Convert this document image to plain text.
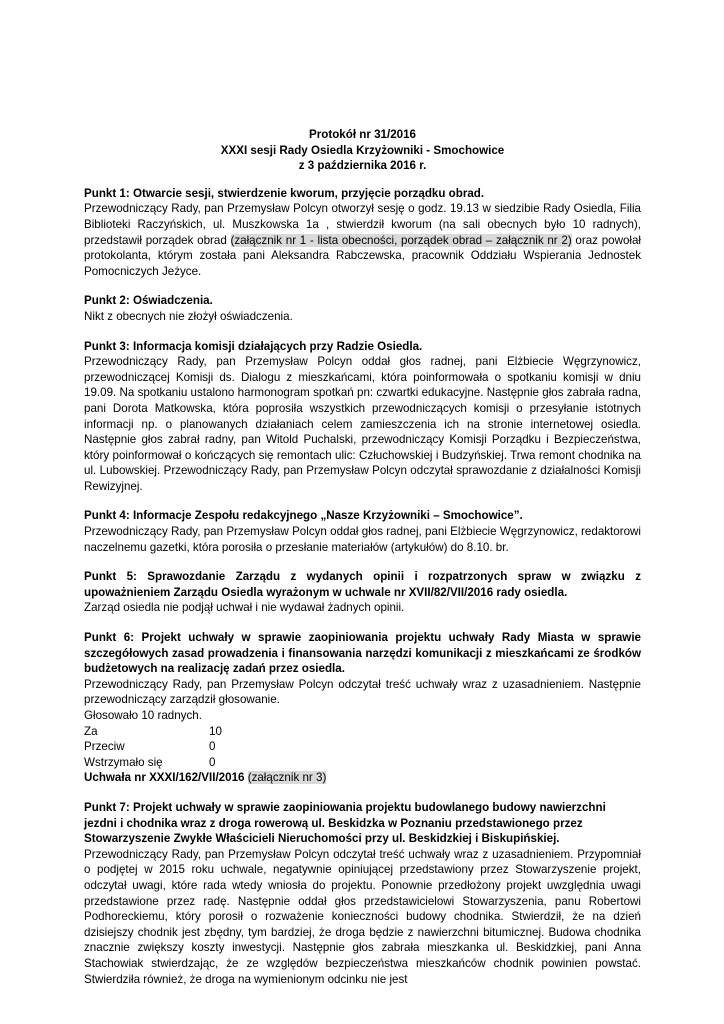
Protokół nr 31/2016
XXXI sesji Rady Osiedla Krzyżowniki - Smochowice
z 3 października 2016 r.
Punkt 1: Otwarcie sesji, stwierdzenie kworum, przyjęcie porządku obrad.
Przewodniczący Rady, pan Przemysław Polcyn otworzył sesję o godz. 19.13 w siedzibie Rady Osiedla, Filia Biblioteki Raczyńskich, ul. Muszkowska 1a , stwierdził kworum (na sali obecnych było 10 radnych), przedstawił porządek obrad (załącznik nr 1 - lista obecności, porządek obrad – załącznik nr 2) oraz powołał protokolanta, którym została pani Aleksandra Rabczewska, pracownik Oddziału Wspierania Jednostek Pomocniczych Jeżyce.
Punkt 2: Oświadczenia.
Nikt z obecnych nie złożył oświadczenia.
Punkt 3: Informacja komisji działających przy Radzie Osiedla.
Przewodniczący Rady, pan Przemysław Polcyn oddał głos radnej, pani Elżbiecie Węgrzynowicz, przewodniczącej Komisji ds. Dialogu z mieszkańcami, która poinformowała o spotkaniu komisji w dniu 19.09. Na spotkaniu ustalono harmonogram spotkań pn: czwartki edukacyjne. Następnie głos zabrała radna, pani Dorota Matkowska, która poprosiła wszystkich przewodniczących komisji o przesyłanie istotnych informacji np. o planowanych działaniach celem zamieszczenia ich na stronie internetowej osiedla. Następnie głos zabrał radny, pan Witold Puchalski, przewodniczący Komisji Porządku i Bezpieczeństwa, który poinformował o kończących się remontach ulic: Człuchowskiej i Budzyńskiej. Trwa remont chodnika na ul. Lubowskiej. Przewodniczący Rady, pan Przemysław Polcyn odczytał sprawozdanie z działalności Komisji Rewizyjnej.
Punkt 4: Informacje Zespołu redakcyjnego „Nasze Krzyżowniki – Smochowice”.
Przewodniczący Rady, pan Przemysław Polcyn oddał głos radnej, pani Elżbiecie Węgrzynowicz, redaktorowi naczelnemu gazetki, która porosiła o przesłanie materiałów (artykułów) do 8.10. br.
Punkt 5: Sprawozdanie Zarządu z wydanych opinii i rozpatrzonych spraw w związku z upoważnieniem Zarządu Osiedla wyrażonym w uchwale nr XVII/82/VII/2016 rady osiedla.
Zarząd osiedla nie podjął uchwał i nie wydawał żadnych opinii.
Punkt 6: Projekt uchwały w sprawie zaopiniowania projektu uchwały Rady Miasta w sprawie szczegółowych zasad prowadzenia i finansowania narzędzi komunikacji z mieszkańcami ze środków budżetowych na realizację zadań przez osiedla.
Przewodniczący Rady, pan Przemysław Polcyn odczytał treść uchwały wraz z uzasadnieniem. Następnie przewodniczący zarządził głosowanie.
Głosowało 10 radnych.
Za	10
Przeciw	0
Wstrzymało się	0
Uchwała nr XXXI/162/VII/2016 (załącznik nr 3)
Punkt 7: Projekt uchwały w sprawie zaopiniowania projektu budowlanego budowy nawierzchni jezdni i chodnika wraz z droga rowerową ul. Beskidzka w Poznaniu przedstawionego przez Stowarzyszenie Zwykłe Właścicieli Nieruchomości przy ul. Beskidzkiej i Biskupińskiej.
Przewodniczący Rady, pan Przemysław Polcyn odczytał treść uchwały wraz z uzasadnieniem. Przypomniał o podjętej w 2015 roku uchwale, negatywnie opiniującej przedstawiony przez Stowarzyszenie projekt, odczytał uwagi, które rada wtedy wniosła do projektu. Ponownie przedłożony projekt uwzględnia uwagi przedstawione przez radę. Następnie oddał głos przedstawicielowi Stowarzyszenia, panu Robertowi Podhoreckiemu, który porosił o rozważenie konieczności budowy chodnika. Stwierdził, że na dzień dzisiejszy chodnik jest zbędny, tym bardziej, że droga będzie z nawierzchni bitumicznej. Budowa chodnika znacznie zwiększy koszty inwestycji. Następnie głos zabrała mieszkanka ul. Beskidzkiej, pani Anna Stachowiak stwierdzając, że ze względów bezpieczeństwa mieszkańców chodnik powinien powstać. Stwierdziła również, że droga na wymienionym odcinku nie jest
